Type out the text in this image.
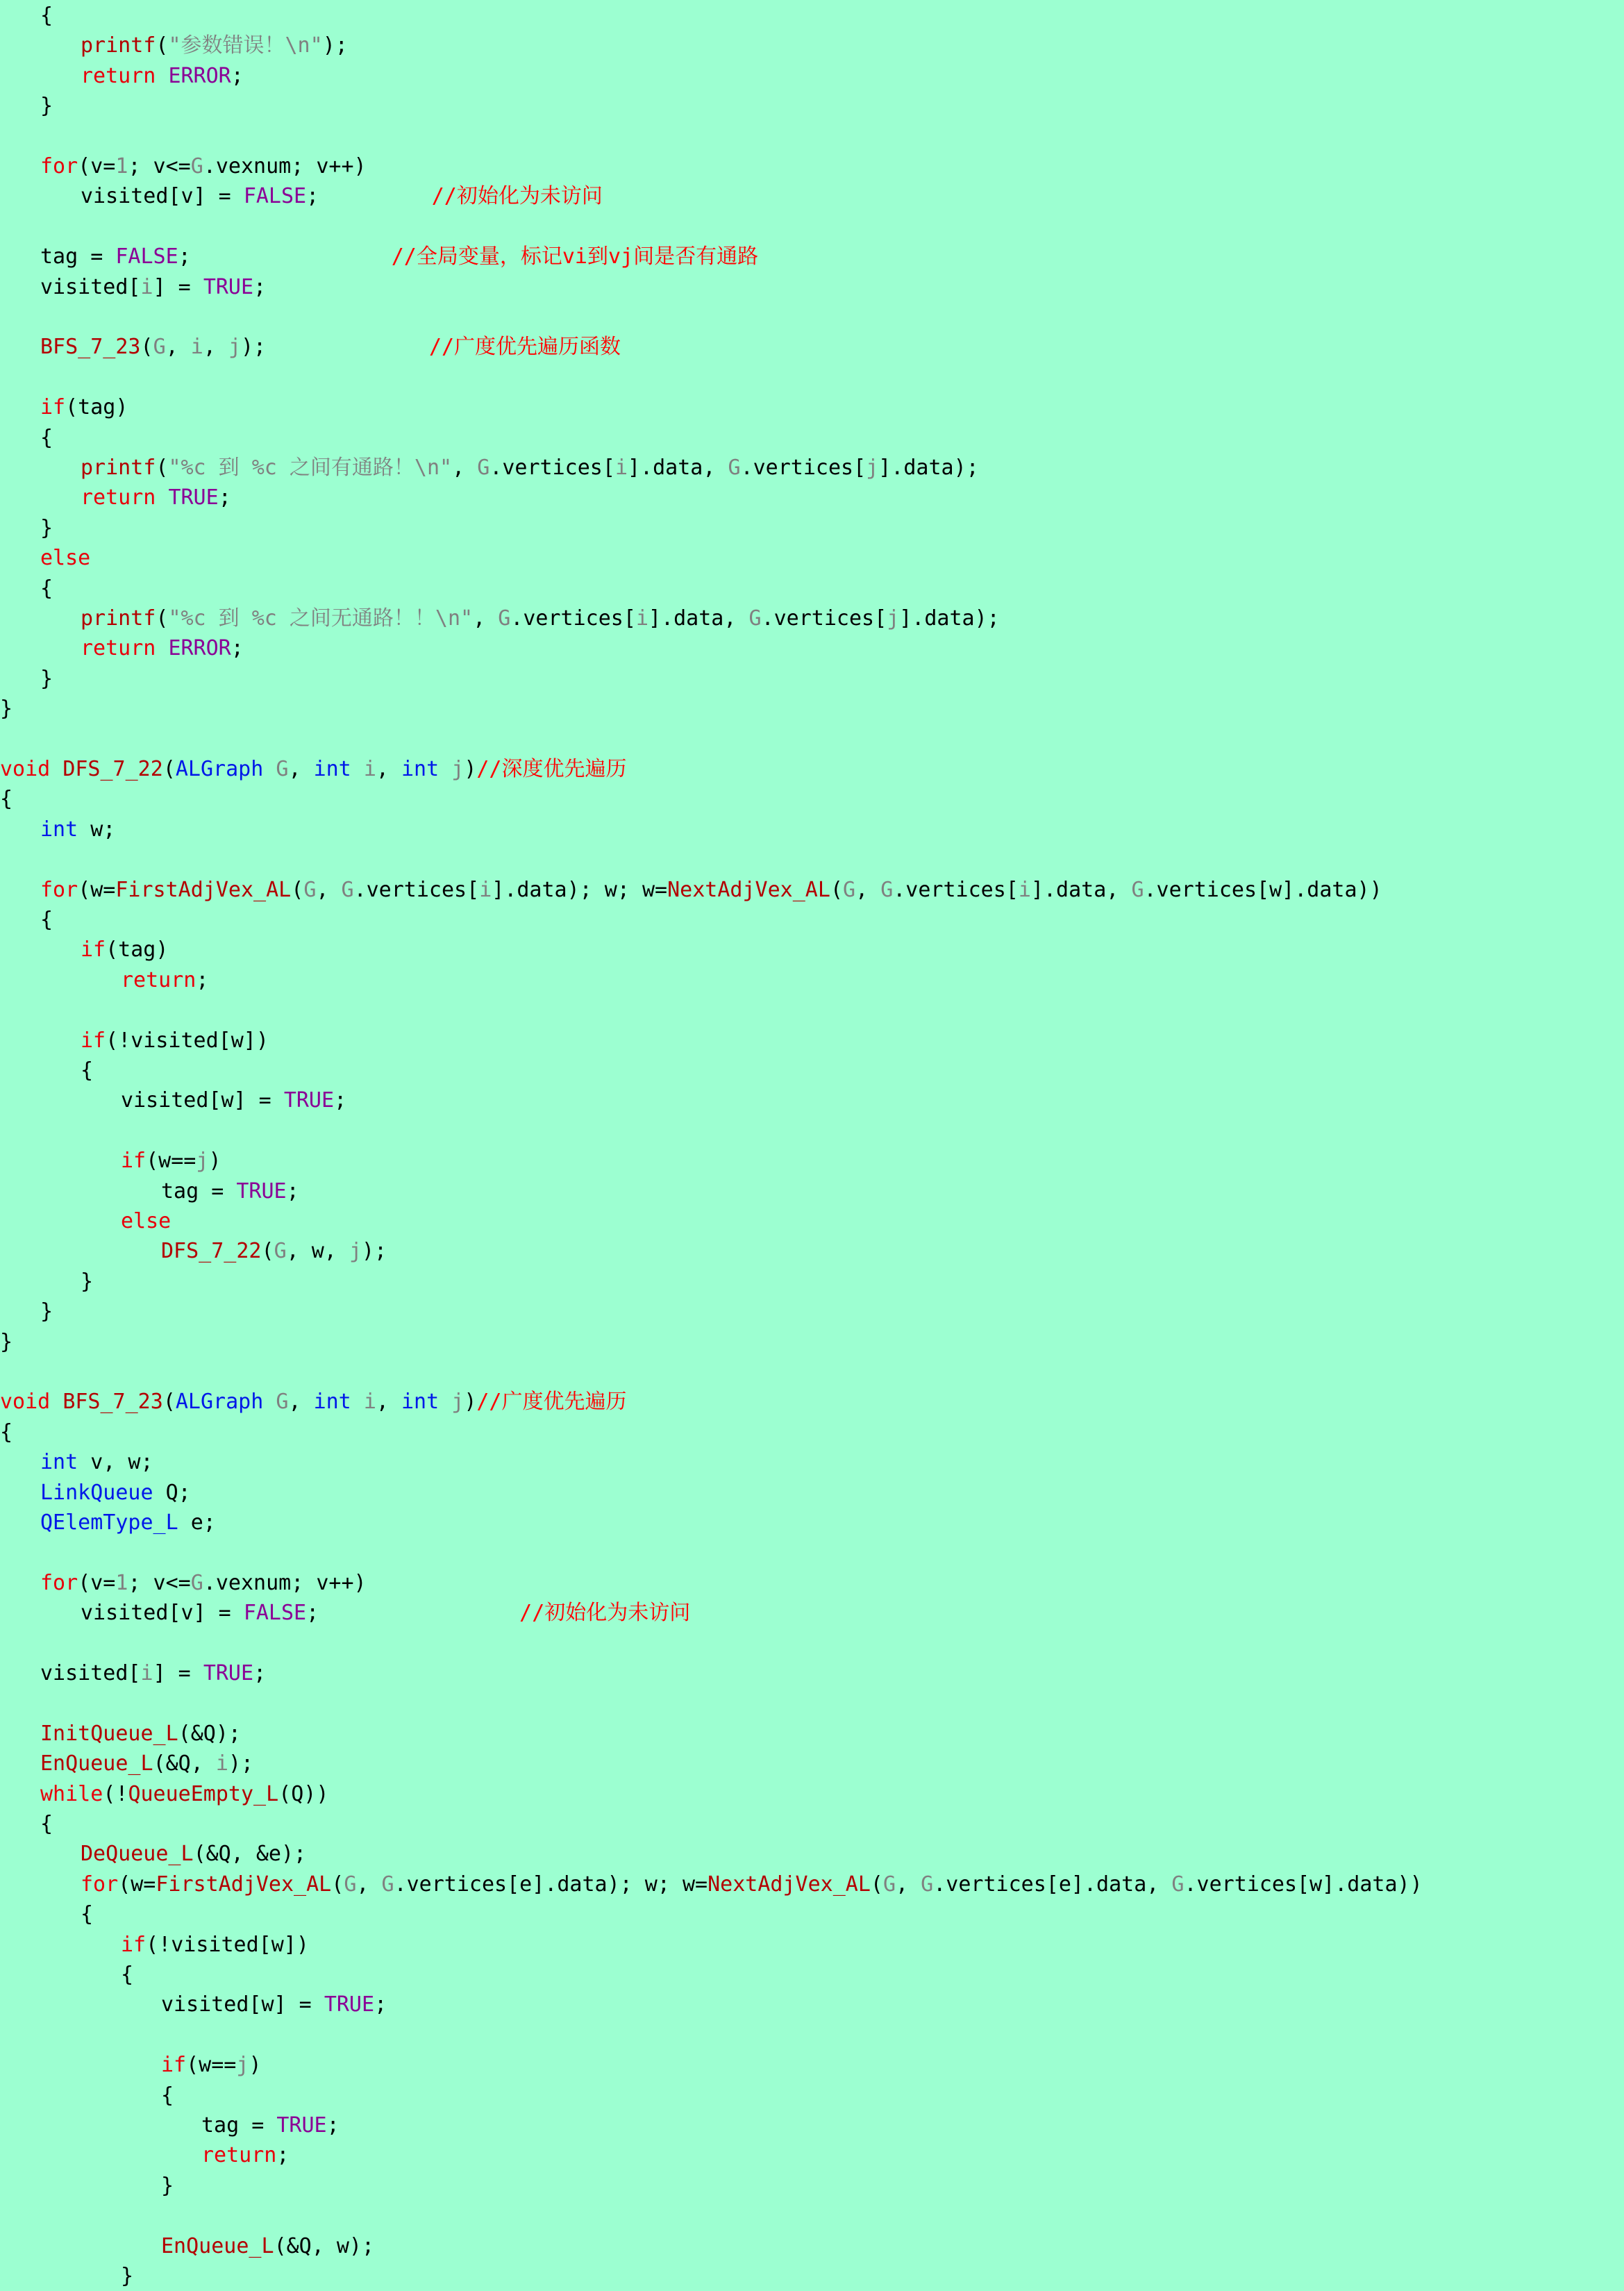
{
printf("参数错误！\n");
return ERROR;
}
for(v=1; v<=G.vexnum; v++)
visited[v] = FALSE;         //初始化为未访问
tag = FALSE;                //全局变量，标记vi到vj间是否有通路
visited[i] = TRUE;
BFS_7_23(G, i, j);             //广度优先遍历函数
if(tag)
{
printf("%c 到 %c 之间有通路！\n", G.vertices[i].data, G.vertices[j].data);
return TRUE;
}
else
{
printf("%c 到 %c 之间无通路！！\n", G.vertices[i].data, G.vertices[j].data);
return ERROR;
}
}
void DFS_7_22(ALGraph G, int i, int j)//深度优先遍历
{
int w;
for(w=FirstAdjVex_AL(G, G.vertices[i].data); w; w=NextAdjVex_AL(G, G.vertices[i].data, G.vertices[w].data))
{
if(tag)
return;
if(!visited[w])
{
visited[w] = TRUE;
if(w==j)
tag = TRUE;
else
DFS_7_22(G, w, j);
}
}
}
void BFS_7_23(ALGraph G, int i, int j)//广度优先遍历
{
int v, w;
LinkQueue Q;
QElemType_L e;
for(v=1; v<=G.vexnum; v++)
visited[v] = FALSE;                //初始化为未访问
visited[i] = TRUE;
InitQueue_L(&Q);
EnQueue_L(&Q, i);
while(!QueueEmpty_L(Q))
{
DeQueue_L(&Q, &e);
for(w=FirstAdjVex_AL(G, G.vertices[e].data); w; w=NextAdjVex_AL(G, G.vertices[e].data, G.vertices[w].data))
{
if(!visited[w])
{
visited[w] = TRUE;
if(w==j)
{
tag = TRUE;
return;
}
EnQueue_L(&Q, w);
}
